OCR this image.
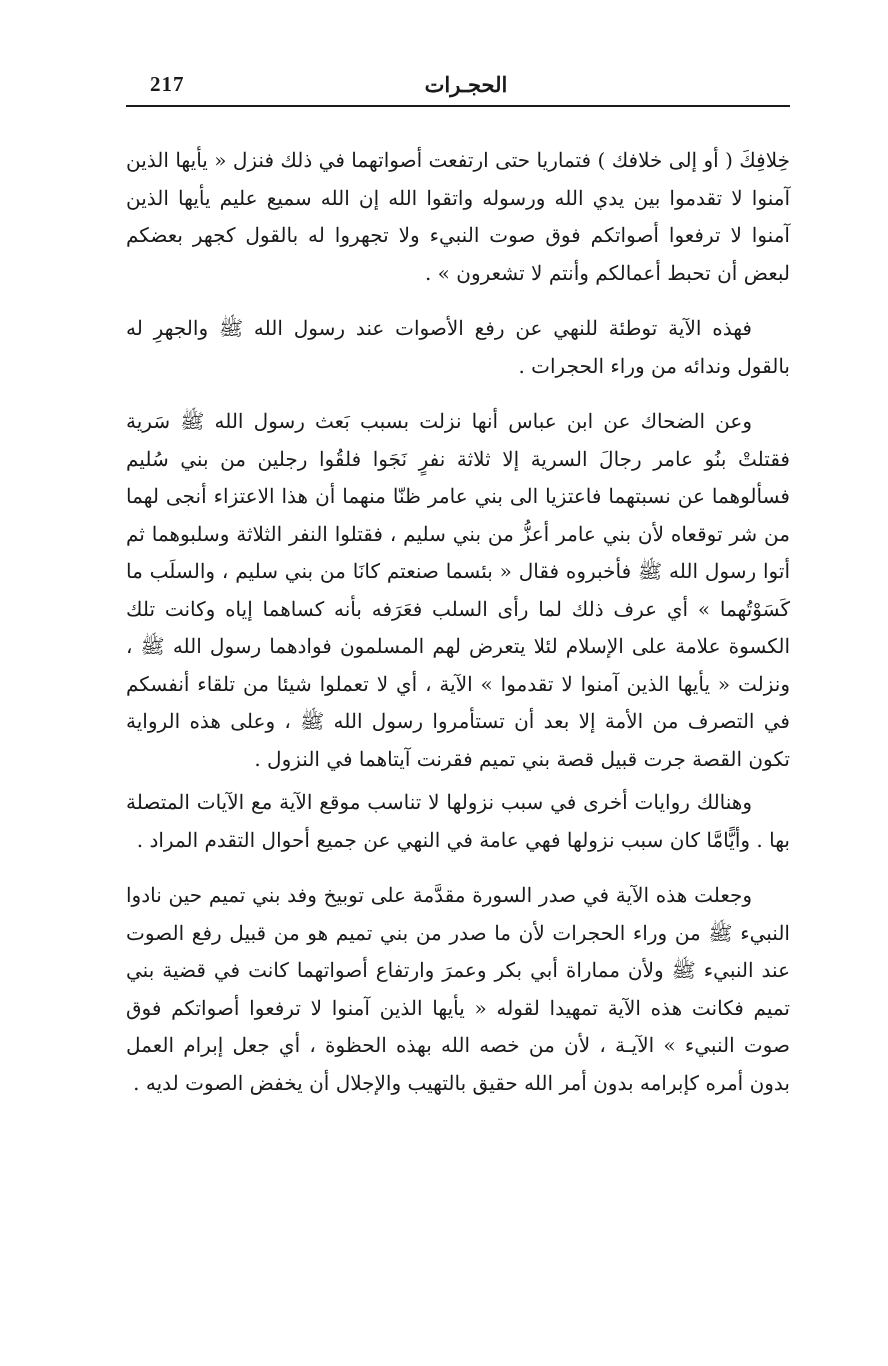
217	الحجـرات

خِلافِكَ ( أو إلى خلافك ) فتماريا حتى ارتفعت أصواتهما في ذلك فنزل « يأيها الذين آمنوا لا تقدموا بين يدي الله ورسوله واتقوا الله إن الله سميع عليم يأيها الذين آمنوا لا ترفعوا أصواتكم فوق صوت النبيء ولا تجهروا له بالقول كجهر بعضكم لبعض أن تحبط أعمالكم وأنتم لا تشعرون » .

فهذه الآية توطئة للنهي عن رفع الأصوات عند رسول الله ﷺ والجهرِ له بالقول وندائه من وراء الحجرات .

وعن الضحاك عن ابن عباس أنها نزلت بسبب بَعث رسول الله ﷺ سَرية فقتلتْ بنُو عامر رجالَ السرية إلا ثلاثة نفرٍ نَجَوا فلقُوا رجلين من بني سُليم فسألوهما عن نسبتهما فاعتزيا الى بني عامر ظنّا منهما أن هذا الاعتزاء أنجى لهما من شر توقعاه لأن بني عامر أعزُّ من بني سليم ، فقتلوا النفر الثلاثة وسلبوهما ثم أتوا رسول الله ﷺ فأخبروه فقال « بئسما صنعتم كانَا من بني سليم ، والسلَب ما كَسَوْتُهما » أي عرف ذلك لما رأى السلب فعَرَفه بأنه كساهما إياه وكانت تلك الكسوة علامة على الإسلام لئلا يتعرض لهم المسلمون فوادهما رسول الله ﷺ ، ونزلت « يأيها الذين آمنوا لا تقدموا » الآية ، أي لا تعملوا شيئا من تلقاء أنفسكم في التصرف من الأمة إلا بعد أن تستأمروا رسول الله ﷺ ، وعلى هذه الرواية تكون القصة جرت قبيل قصة بني تميم فقرنت آيتاهما في النزول .

وهنالك روايات أخرى في سبب نزولها لا تناسب موقع الآية مع الآيات المتصلة بها . وأيًّامَّا كان سبب نزولها فهي عامة في النهي عن جميع أحوال التقدم المراد .

وجعلت هذه الآية في صدر السورة مقدَّمة على توبيخ وفد بني تميم حين نادوا النبيء ﷺ من وراء الحجرات لأن ما صدر من بني تميم هو من قبيل رفع الصوت عند النبيء ﷺ ولأن مماراة أبي بكر وعمرَ وارتفاع أصواتهما كانت في قضية بني تميم فكانت هذه الآية تمهيدا لقوله « يأيها الذين آمنوا لا ترفعوا أصواتكم فوق صوت النبيء » الآيـة ، لأن من خصه الله بهذه الحظوة ، أي جعل إبرام العمل بدون أمره كإبرامه بدون أمر الله حقيق بالتهيب والإجلال أن يخفض الصوت لديه .
